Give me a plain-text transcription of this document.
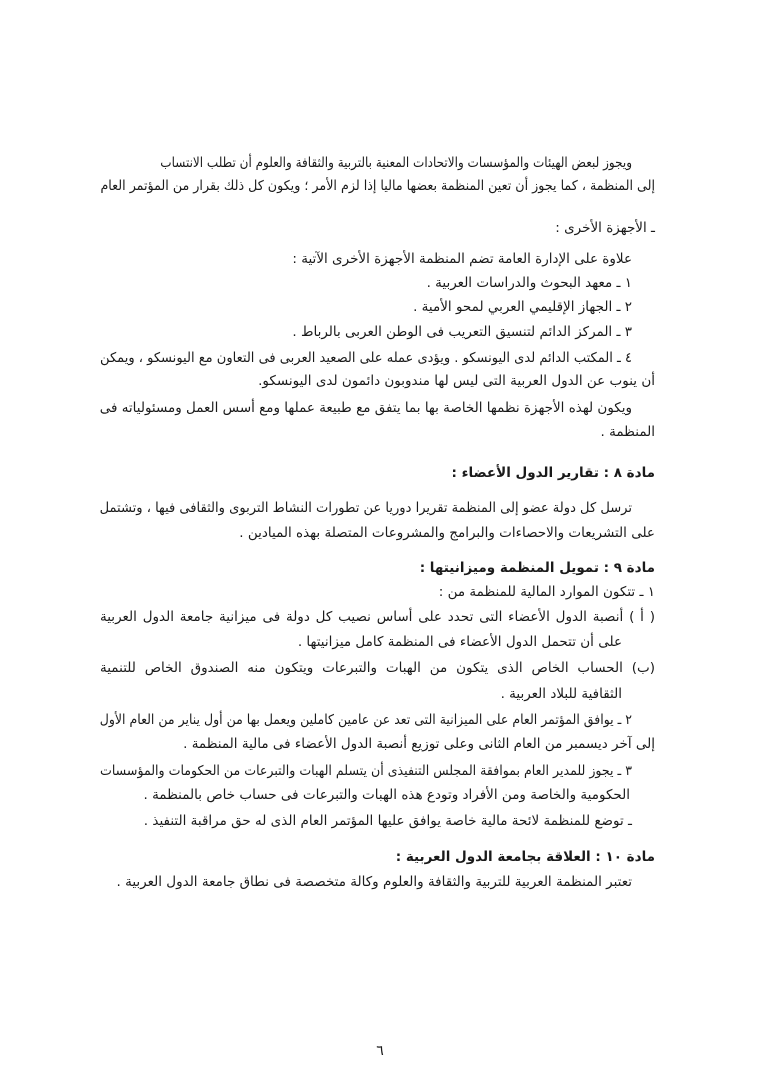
ويجوز لبعض الهيئات والمؤسسات والاتحادات المعنية بالتربية والثقافة والعلوم أن تطلب الانتساب
إلى المنظمة ، كما يجوز أن تعين المنظمة بعضها ماليا إذا لزم الأمر ؛ ويكون كل ذلك بقرار من المؤتمر العام
ـ الأجهزة الأخرى :
علاوة على الإدارة العامة تضم المنظمة الأجهزة الأخرى الآتية :
١ ـ معهد البحوث والدراسات العربية .
٢ ـ الجهاز الإقليمي العربي لمحو الأمية .
٣ ـ المركز الدائم لتنسيق التعريب فى الوطن العربى بالرباط .
٤ ـ المكتب الدائم لدى اليونسكو . ويؤدى عمله على الصعيد العربى فى التعاون مع اليونسكو ، ويمكن
أن ينوب عن الدول العربية التى ليس لها مندوبون دائمون لدى اليونسكو.
ويكون لهذه الأجهزة نظمها الخاصة بها بما يتفق مع طبيعة عملها ومع أسس العمل ومسئولياته فى
المنظمة .
مادة ٨ : تقارير الدول الأعضاء :
ترسل كل دولة عضو إلى المنظمة تقريرا دوريا عن تطورات النشاط التربوى والثقافى فيها ، وتشتمل
على التشريعات والاحصاءات والبرامج والمشروعات المتصلة بهذه الميادين .
مادة ٩ : تمويل المنظمة وميزانيتها :
١ ـ تتكون الموارد المالية للمنظمة من :
( أ ) أنصبة الدول الأعضاء التى تحدد على أساس نصيب كل دولة فى ميزانية جامعة الدول العربية
على أن تتحمل الدول الأعضاء فى المنظمة كامل ميزانيتها .
(ب) الحساب الخاص الذى يتكون من الهبات والتبرعات ويتكون منه الصندوق الخاص للتنمية
الثقافية للبلاد العربية .
٢ ـ يوافق المؤتمر العام على الميزانية التى تعد عن عامين كاملين ويعمل بها من أول يناير من العام الأول
إلى آخر ديسمبر من العام الثانى وعلى توزيع أنصبة الدول الأعضاء فى مالية المنظمة .
٣ ـ يجوز للمدير العام بموافقة المجلس التنفيذى أن يتسلم الهبات والتبرعات من الحكومات والمؤسسات
الحكومية والخاصة ومن الأفراد وتودع هذه الهبات والتبرعات فى حساب خاص بالمنظمة .
ـ توضع للمنظمة لائحة مالية خاصة يوافق عليها المؤتمر العام الذى له حق مراقبة التنفيذ .
مادة ١٠ : العلاقة بجامعة الدول العربية :
تعتبر المنظمة العربية للتربية والثقافة والعلوم وكالة متخصصة فى نطاق جامعة الدول العربية .
٦
